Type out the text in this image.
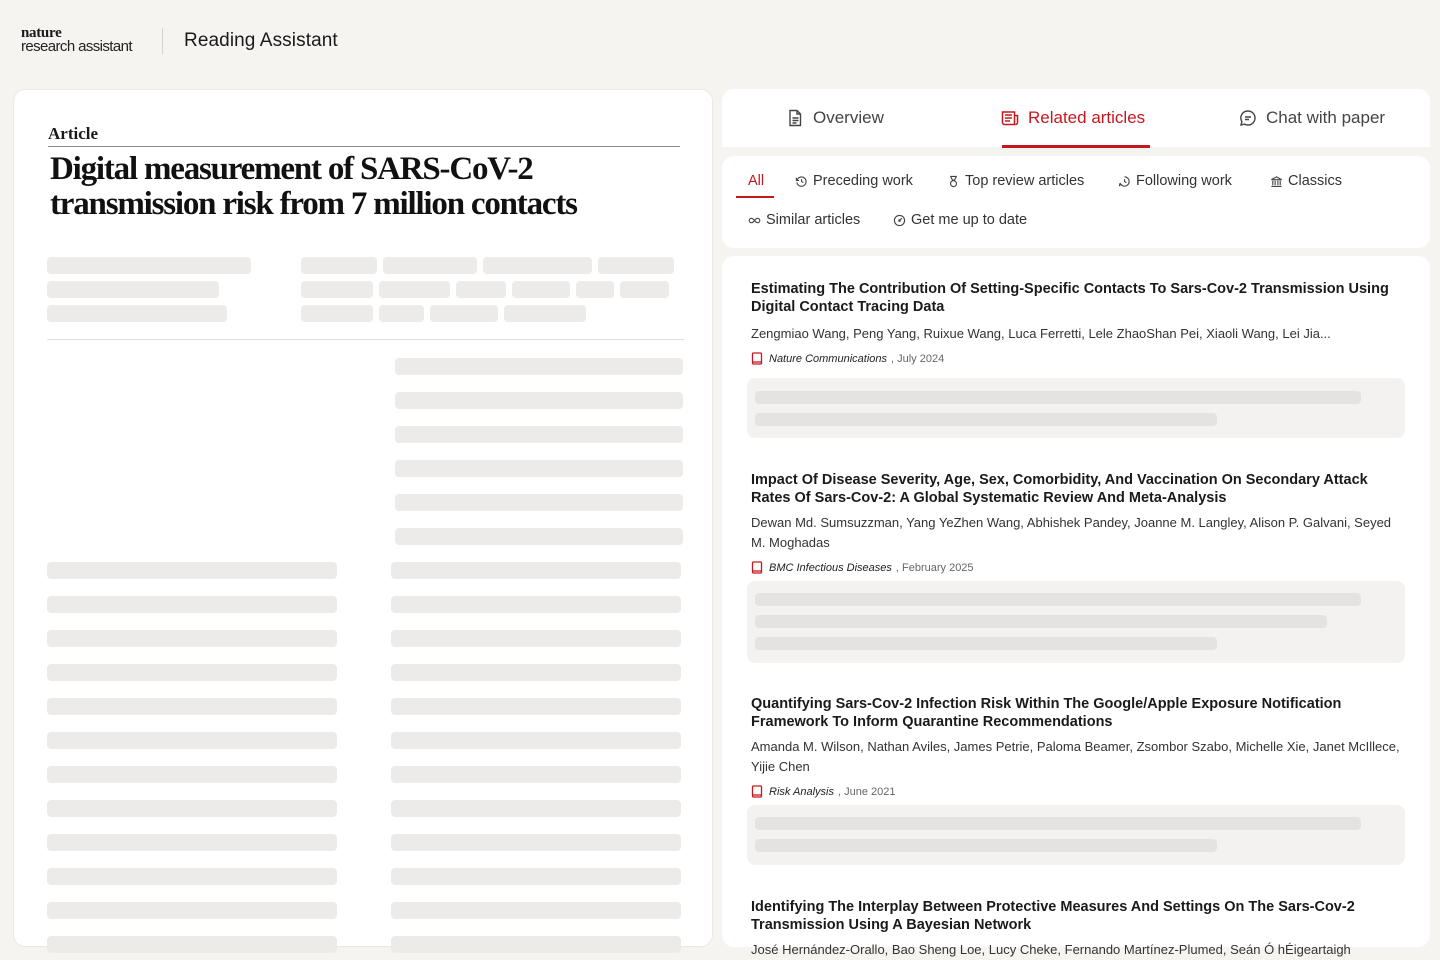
nature
research assistant	Reading Assistant
Article
Digital measurement of SARS-CoV-2 transmission risk from 7 million contacts
Overview	Related articles	Chat with paper
All	Preceding work	Top review articles	Following work	Classics
Similar articles	Get me up to date
Estimating The Contribution Of Setting-Specific Contacts To Sars-Cov-2 Transmission Using Digital Contact Tracing Data
Zengmiao Wang, Peng Yang, Ruixue Wang, Luca Ferretti, Lele ZhaoShan Pei, Xiaoli Wang, Lei Jia...
Nature Communications , July 2024
Impact Of Disease Severity, Age, Sex, Comorbidity, And Vaccination On Secondary Attack Rates Of Sars-Cov-2: A Global Systematic Review And Meta-Analysis
Dewan Md. Sumsuzzman, Yang YeZhen Wang, Abhishek Pandey, Joanne M. Langley, Alison P. Galvani, Seyed M. Moghadas
BMC Infectious Diseases , February 2025
Quantifying Sars-Cov-2 Infection Risk Within The Google/Apple Exposure Notification Framework To Inform Quarantine Recommendations
Amanda M. Wilson, Nathan Aviles, James Petrie, Paloma Beamer, Zsombor Szabo, Michelle Xie, Janet McIllece, Yijie Chen
Risk Analysis , June 2021
Identifying The Interplay Between Protective Measures And Settings On The Sars-Cov-2 Transmission Using A Bayesian Network
José Hernández-Orallo, Bao Sheng Loe, Lucy Cheke, Fernando Martínez-Plumed, Seán Ó hÉigeartaigh
